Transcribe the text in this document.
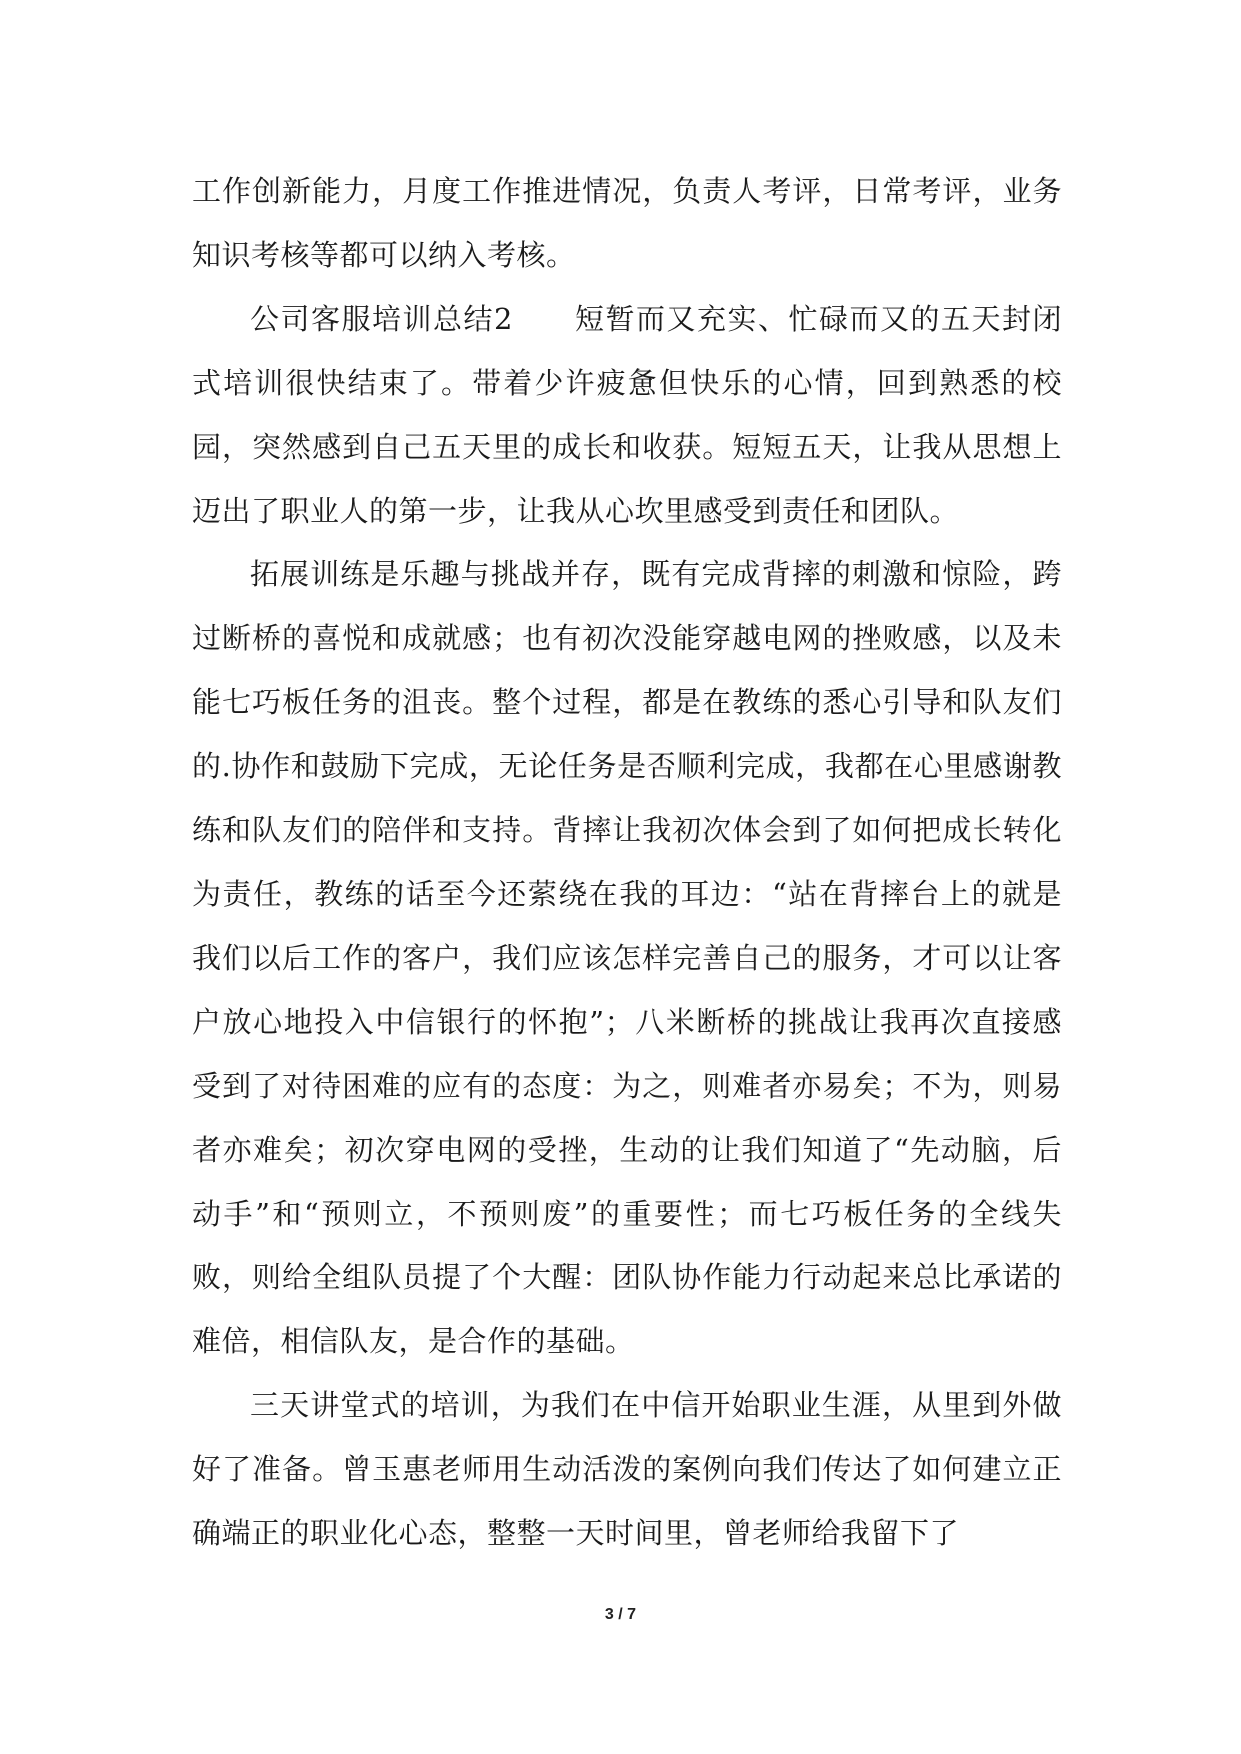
工作创新能力，月度工作推进情况，负责人考评，日常考评，业务知识考核等都可以纳入考核。

公司客服培训总结2　　短暂而又充实、忙碌而又的五天封闭式培训很快结束了。带着少许疲惫但快乐的心情，回到熟悉的校园，突然感到自己五天里的成长和收获。短短五天，让我从思想上迈出了职业人的第一步，让我从心坎里感受到责任和团队。

拓展训练是乐趣与挑战并存，既有完成背摔的刺激和惊险，跨过断桥的喜悦和成就感；也有初次没能穿越电网的挫败感，以及未能七巧板任务的沮丧。整个过程，都是在教练的悉心引导和队友们的.协作和鼓励下完成，无论任务是否顺利完成，我都在心里感谢教练和队友们的陪伴和支持。背摔让我初次体会到了如何把成长转化为责任，教练的话至今还萦绕在我的耳边：“站在背摔台上的就是我们以后工作的客户，我们应该怎样完善自己的服务，才可以让客户放心地投入中信银行的怀抱”；八米断桥的挑战让我再次直接感受到了对待困难的应有的态度：为之，则难者亦易矣；不为，则易者亦难矣；初次穿电网的受挫，生动的让我们知道了“先动脑，后动手”和“预则立，不预则废”的重要性；而七巧板任务的全线失败，则给全组队员提了个大醒：团队协作能力行动起来总比承诺的难倍，相信队友，是合作的基础。

三天讲堂式的培训，为我们在中信开始职业生涯，从里到外做好了准备。曾玉惠老师用生动活泼的案例向我们传达了如何建立正确端正的职业化心态，整整一天时间里，曾老师给我留下了

3 / 7
